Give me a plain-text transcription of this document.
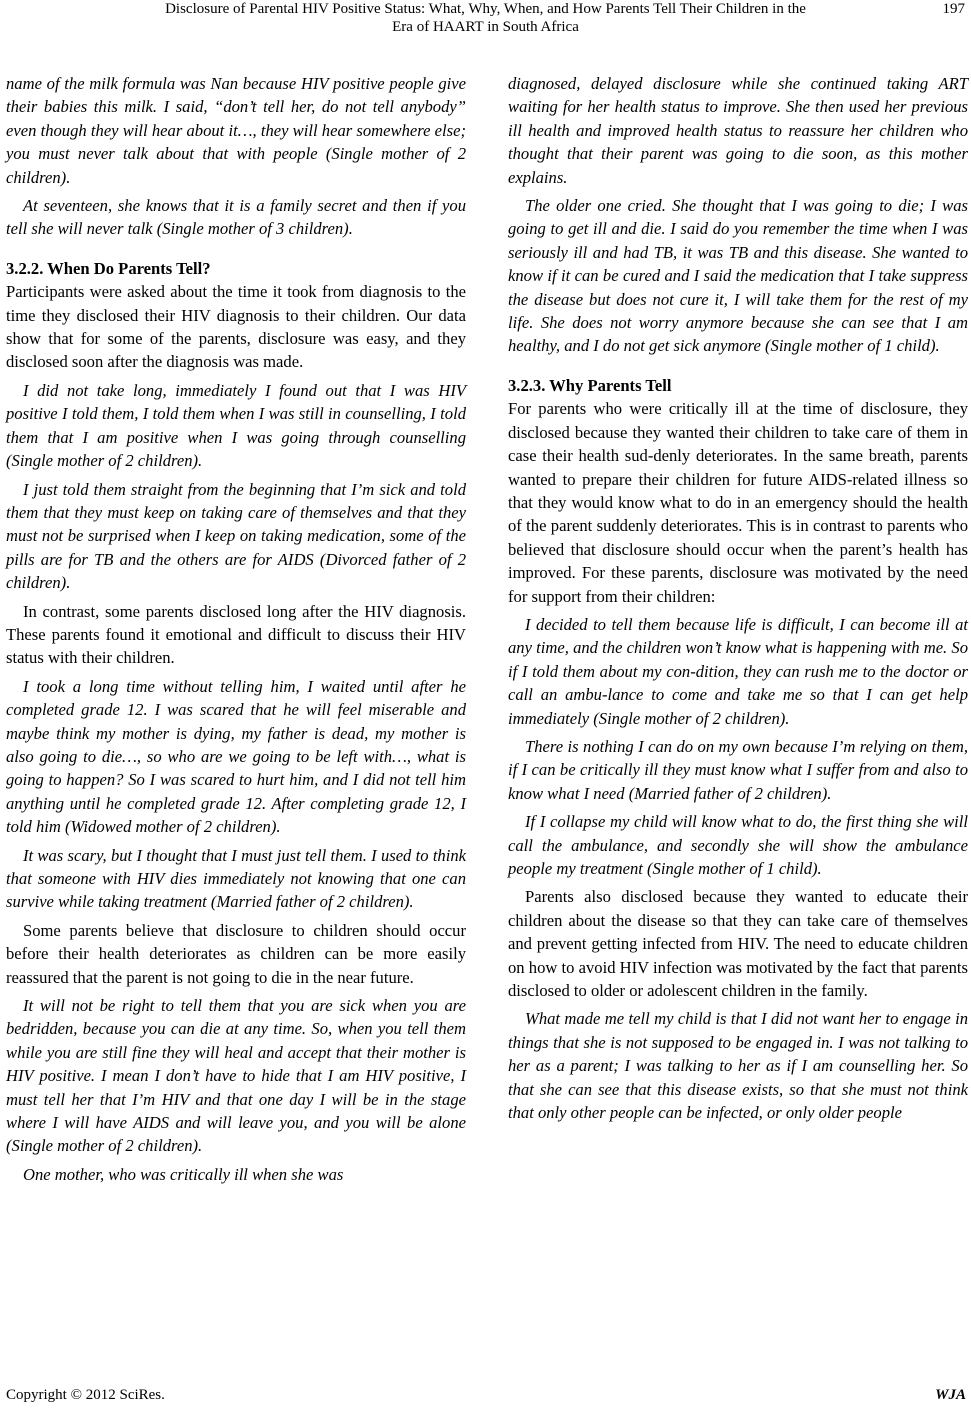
Disclosure of Parental HIV Positive Status: What, Why, When, and How Parents Tell Their Children in the
Era of HAART in South Africa
197

name of the milk formula was Nan because HIV positive people give their babies this milk. I said, “don’t tell her, do not tell anybody” even though they will hear about it…, they will hear somewhere else; you must never talk about that with people (Single mother of 2 children).

At seventeen, she knows that it is a family secret and then if you tell she will never talk (Single mother of 3 children).

3.2.2. When Do Parents Tell?

Participants were asked about the time it took from diagnosis to the time they disclosed their HIV diagnosis to their children. Our data show that for some of the parents, disclosure was easy, and they disclosed soon after the diagnosis was made.

I did not take long, immediately I found out that I was HIV positive I told them, I told them when I was still in counselling, I told them that I am positive when I was going through counselling (Single mother of 2 children).

I just told them straight from the beginning that I’m sick and told them that they must keep on taking care of themselves and that they must not be surprised when I keep on taking medication, some of the pills are for TB and the others are for AIDS (Divorced father of 2 children).

In contrast, some parents disclosed long after the HIV diagnosis. These parents found it emotional and difficult to discuss their HIV status with their children.

I took a long time without telling him, I waited until after he completed grade 12. I was scared that he will feel miserable and maybe think my mother is dying, my father is dead, my mother is also going to die…, so who are we going to be left with…, what is going to happen? So I was scared to hurt him, and I did not tell him anything until he completed grade 12. After completing grade 12, I told him (Widowed mother of 2 children).

It was scary, but I thought that I must just tell them. I used to think that someone with HIV dies immediately not knowing that one can survive while taking treatment (Married father of 2 children).

Some parents believe that disclosure to children should occur before their health deteriorates as children can be more easily reassured that the parent is not going to die in the near future.

It will not be right to tell them that you are sick when you are bedridden, because you can die at any time. So, when you tell them while you are still fine they will heal and accept that their mother is HIV positive. I mean I don’t have to hide that I am HIV positive, I must tell her that I’m HIV and that one day I will be in the stage where I will have AIDS and will leave you, and you will be alone (Single mother of 2 children).

One mother, who was critically ill when she was

diagnosed, delayed disclosure while she continued taking ART waiting for her health status to improve. She then used her previous ill health and improved health status to reassure her children who thought that their parent was going to die soon, as this mother explains.

The older one cried. She thought that I was going to die; I was going to get ill and die. I said do you remember the time when I was seriously ill and had TB, it was TB and this disease. She wanted to know if it can be cured and I said the medication that I take suppress the disease but does not cure it, I will take them for the rest of my life. She does not worry anymore because she can see that I am healthy, and I do not get sick anymore (Single mother of 1 child).

3.2.3. Why Parents Tell

For parents who were critically ill at the time of disclosure, they disclosed because they wanted their children to take care of them in case their health sud-denly deteriorates. In the same breath, parents wanted to prepare their children for future AIDS-related illness so that they would know what to do in an emergency should the health of the parent suddenly deteriorates. This is in contrast to parents who believed that disclosure should occur when the parent’s health has improved. For these parents, disclosure was motivated by the need for support from their children:

I decided to tell them because life is difficult, I can become ill at any time, and the children won’t know what is happening with me. So if I told them about my con-dition, they can rush me to the doctor or call an ambu-lance to come and take me so that I can get help immediately (Single mother of 2 children).

There is nothing I can do on my own because I’m relying on them, if I can be critically ill they must know what I suffer from and also to know what I need (Married father of 2 children).

If I collapse my child will know what to do, the first thing she will call the ambulance, and secondly she will show the ambulance people my treatment (Single mother of 1 child).

Parents also disclosed because they wanted to educate their children about the disease so that they can take care of themselves and prevent getting infected from HIV. The need to educate children on how to avoid HIV infection was motivated by the fact that parents disclosed to older or adolescent children in the family.

What made me tell my child is that I did not want her to engage in things that she is not supposed to be engaged in. I was not talking to her as a parent; I was talking to her as if I am counselling her. So that she can see that this disease exists, so that she must not think that only other people can be infected, or only older people

Copyright © 2012 SciRes.	WJA
